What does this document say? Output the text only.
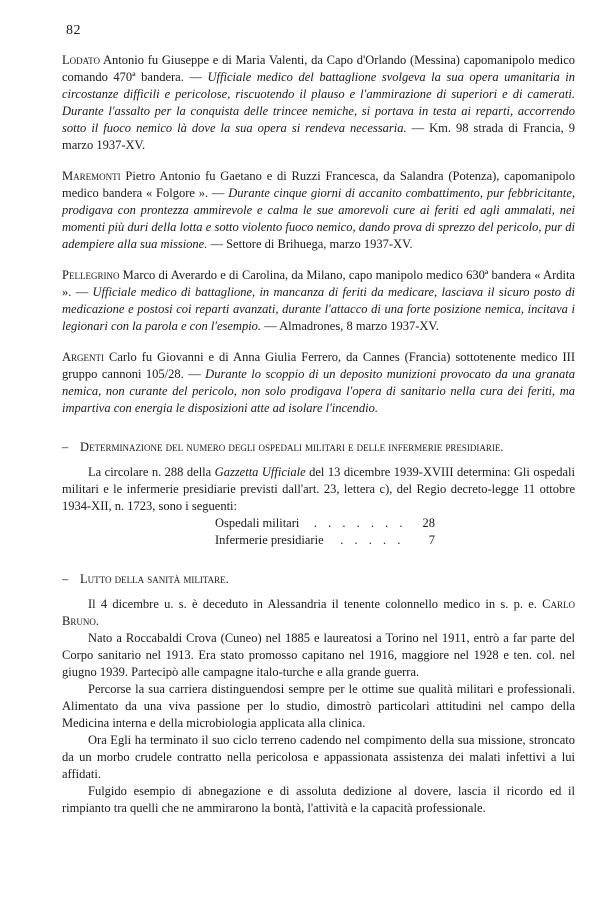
82

Lodato Antonio fu Giuseppe e di Maria Valenti, da Capo d'Orlando (Messina) capomanipolo medico comando 470ª bandera. — Ufficiale medico del battaglione svolgeva la sua opera umanitaria in circostanze difficili e pericolose, riscuotendo il plauso e l'ammirazione di superiori e di camerati. Durante l'assalto per la conquista delle trincee nemiche, si portava in testa ai reparti, accorrendo sotto il fuoco nemico là dove la sua opera si rendeva necessaria. — Km. 98 strada di Francia, 9 marzo 1937-XV.

Maremonti Pietro Antonio fu Gaetano e di Ruzzi Francesca, da Salandra (Potenza), capomanipolo medico bandera « Folgore ». — Durante cinque giorni di accanito combattimento, pur febbricitante, prodigava con prontezza ammirevole e calma le sue amorevoli cure ai feriti ed agli ammalati, nei momenti più duri della lotta e sotto violento fuoco nemico, dando prova di sprezzo del pericolo, pur di adempiere alla sua missione. — Settore di Brihuega, marzo 1937-XV.

Pellegrino Marco di Averardo e di Carolina, da Milano, capo manipolo medico 630ª bandera « Ardita ». — Ufficiale medico di battaglione, in mancanza di feriti da medicare, lasciava il sicuro posto di medicazione e postosi coi reparti avanzati, durante l'attacco di una forte posizione nemica, incitava i legionari con la parola e con l'esempio. — Almadrones, 8 marzo 1937-XV.

Argenti Carlo fu Giovanni e di Anna Giulia Ferrero, da Cannes (Francia) sottotenente medico III gruppo cannoni 105/28. — Durante lo scoppio di un deposito munizioni provocato da una granata nemica, non curante del pericolo, non solo prodigava l'opera di sanitario nella cura dei feriti, ma impartiva con energia le disposizioni atte ad isolare l'incendio.

– Determinazione del numero degli ospedali militari e delle infermerie presidiarie.

La circolare n. 288 della Gazzetta Ufficiale del 13 dicembre 1939-XVIII determina: Gli ospedali militari e le infermerie presidiarie previsti dall'art. 23, lettera c), del Regio decreto-legge 11 ottobre 1934-XII, n. 1723, sono i seguenti:

Ospedali militari	. . . . . . .	28
Infermerie presidiarie	. . . . .	7
– Lutto della sanità militare.

Il 4 dicembre u. s. è deceduto in Alessandria il tenente colonnello medico in s. p. e. Carlo Bruno.

Nato a Roccabaldi Crova (Cuneo) nel 1885 e laureatosi a Torino nel 1911, entrò a far parte del Corpo sanitario nel 1913. Era stato promosso capitano nel 1916, maggiore nel 1928 e ten. col. nel giugno 1939. Partecipò alle campagne italo-turche e alla grande guerra.

Percorse la sua carriera distinguendosi sempre per le ottime sue qualità militari e professionali. Alimentato da una viva passione per lo studio, dimostrò particolari attitudini nel campo della Medicina interna e della microbiologia applicata alla clinica.

Ora Egli ha terminato il suo ciclo terreno cadendo nel compimento della sua missione, stroncato da un morbo crudele contratto nella pericolosa e appassionata assistenza dei malati infettivi a lui affidati.

Fulgido esempio di abnegazione e di assoluta dedizione al dovere, lascia il ricordo ed il rimpianto tra quelli che ne ammirarono la bontà, l'attività e la capacità professionale.
